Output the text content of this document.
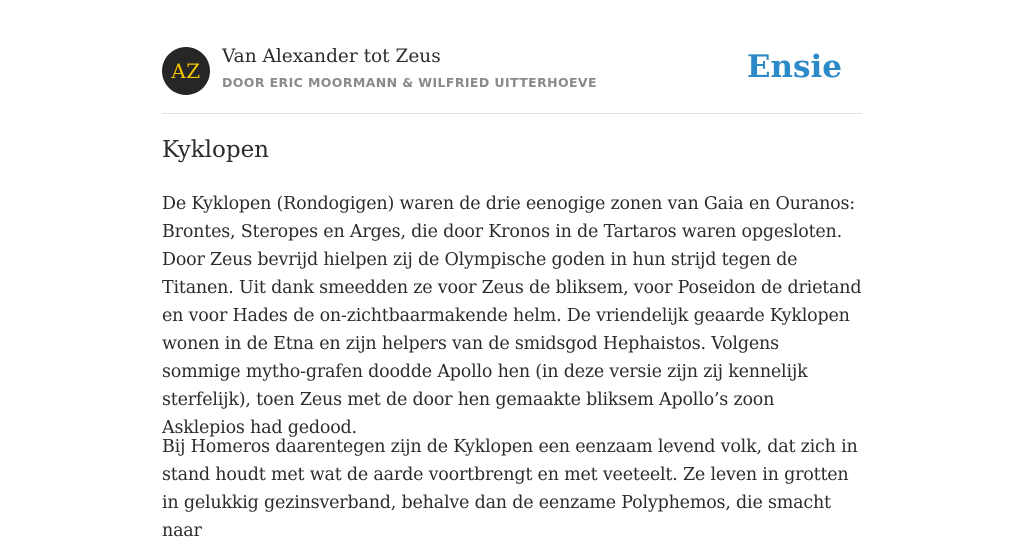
AZ
Van Alexander tot Zeus
DOOR ERIC MOORMANN & WILFRIED UITTERHOEVE	Ensie
Kyklopen

De Kyklopen (Rondogigen) waren de drie eenogige zonen van Gaia en Ouranos: Brontes, Steropes en Arges, die door Kronos in de Tartaros waren opgesloten. Door Zeus bevrijd hielpen zij de Olympische goden in hun strijd tegen de Titanen. Uit dank smeedden ze voor Zeus de bliksem, voor Poseidon de drietand en voor Hades de on-zichtbaarmakende helm. De vriendelijk geaarde Kyklopen wonen in de Etna en zijn helpers van de smidsgod Hephaistos. Volgens sommige mytho-grafen doodde Apollo hen (in deze versie zijn zij kennelijk sterfelijk), toen Zeus met de door hen gemaakte bliksem Apollo’s zoon Asklepios had gedood.

Bij Homeros daarentegen zijn de Kyklopen een eenzaam levend volk, dat zich in stand houdt met wat de aarde voortbrengt en met veeteelt. Ze leven in grotten in gelukkig gezinsverband, behalve dan de eenzame Polyphemos, die smacht naar
